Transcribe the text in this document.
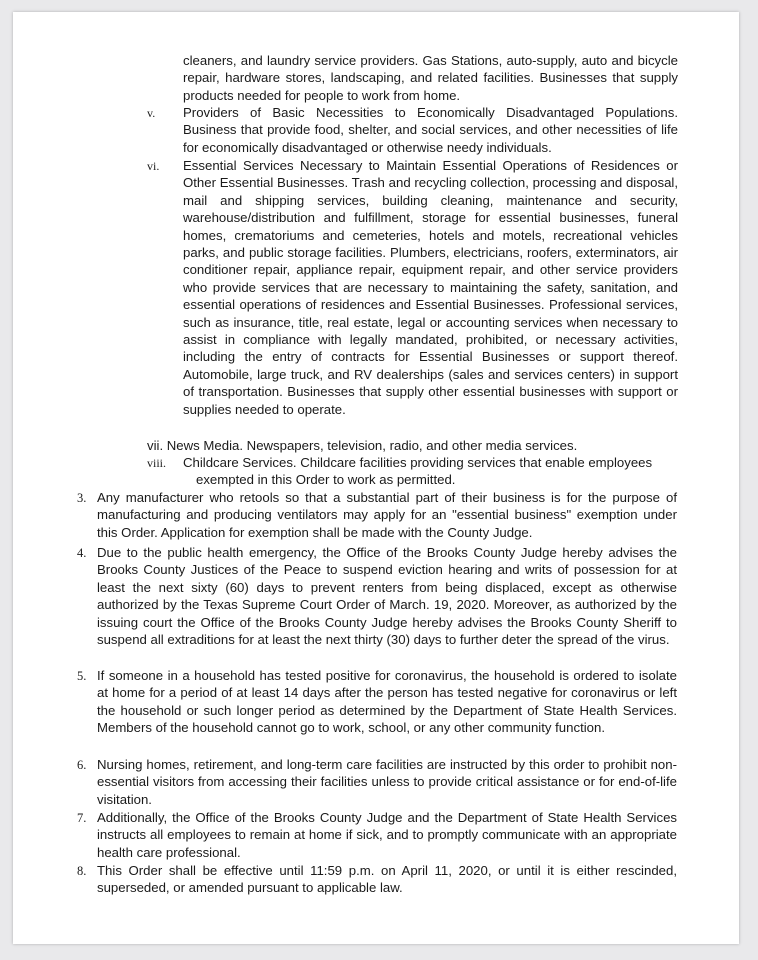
cleaners, and laundry service providers. Gas Stations, auto-supply, auto and bicycle repair, hardware stores, landscaping, and related facilities. Businesses that supply products needed for people to work from home.
v. Providers of Basic Necessities to Economically Disadvantaged Populations. Business that provide food, shelter, and social services, and other necessities of life for economically disadvantaged or otherwise needy individuals.
vi. Essential Services Necessary to Maintain Essential Operations of Residences or Other Essential Businesses. Trash and recycling collection, processing and disposal, mail and shipping services, building cleaning, maintenance and security, warehouse/distribution and fulfillment, storage for essential businesses, funeral homes, crematoriums and cemeteries, hotels and motels, recreational vehicles parks, and public storage facilities. Plumbers, electricians, roofers, exterminators, air conditioner repair, appliance repair, equipment repair, and other service providers who provide services that are necessary to maintaining the safety, sanitation, and essential operations of residences and Essential Businesses. Professional services, such as insurance, title, real estate, legal or accounting services when necessary to assist in compliance with legally mandated, prohibited, or necessary activities, including the entry of contracts for Essential Businesses or support thereof. Automobile, large truck, and RV dealerships (sales and services centers) in support of transportation. Businesses that supply other essential businesses with support or supplies needed to operate.
vii. News Media. Newspapers, television, radio, and other media services.
viii. Childcare Services. Childcare facilities providing services that enable employees
exempted in this Order to work as permitted.
3. Any manufacturer who retools so that a substantial part of their business is for the purpose of manufacturing and producing ventilators may apply for an "essential business" exemption under this Order. Application for exemption shall be made with the County Judge.
4. Due to the public health emergency, the Office of the Brooks County Judge hereby advises the Brooks County Justices of the Peace to suspend eviction hearing and writs of possession for at least the next sixty (60) days to prevent renters from being displaced, except as otherwise authorized by the Texas Supreme Court Order of March. 19, 2020. Moreover, as authorized by the issuing court the Office of the Brooks County Judge hereby advises the Brooks County Sheriff to suspend all extraditions for at least the next thirty (30) days to further deter the spread of the virus.
5. If someone in a household has tested positive for coronavirus, the household is ordered to isolate at home for a period of at least 14 days after the person has tested negative for coronavirus or left the household or such longer period as determined by the Department of State Health Services. Members of the household cannot go to work, school, or any other community function.
6. Nursing homes, retirement, and long-term care facilities are instructed by this order to prohibit non-essential visitors from accessing their facilities unless to provide critical assistance or for end-of-life visitation.
7. Additionally, the Office of the Brooks County Judge and the Department of State Health Services instructs all employees to remain at home if sick, and to promptly communicate with an appropriate health care professional.
8. This Order shall be effective until 11:59 p.m. on April 11, 2020, or until it is either rescinded, superseded, or amended pursuant to applicable law.
